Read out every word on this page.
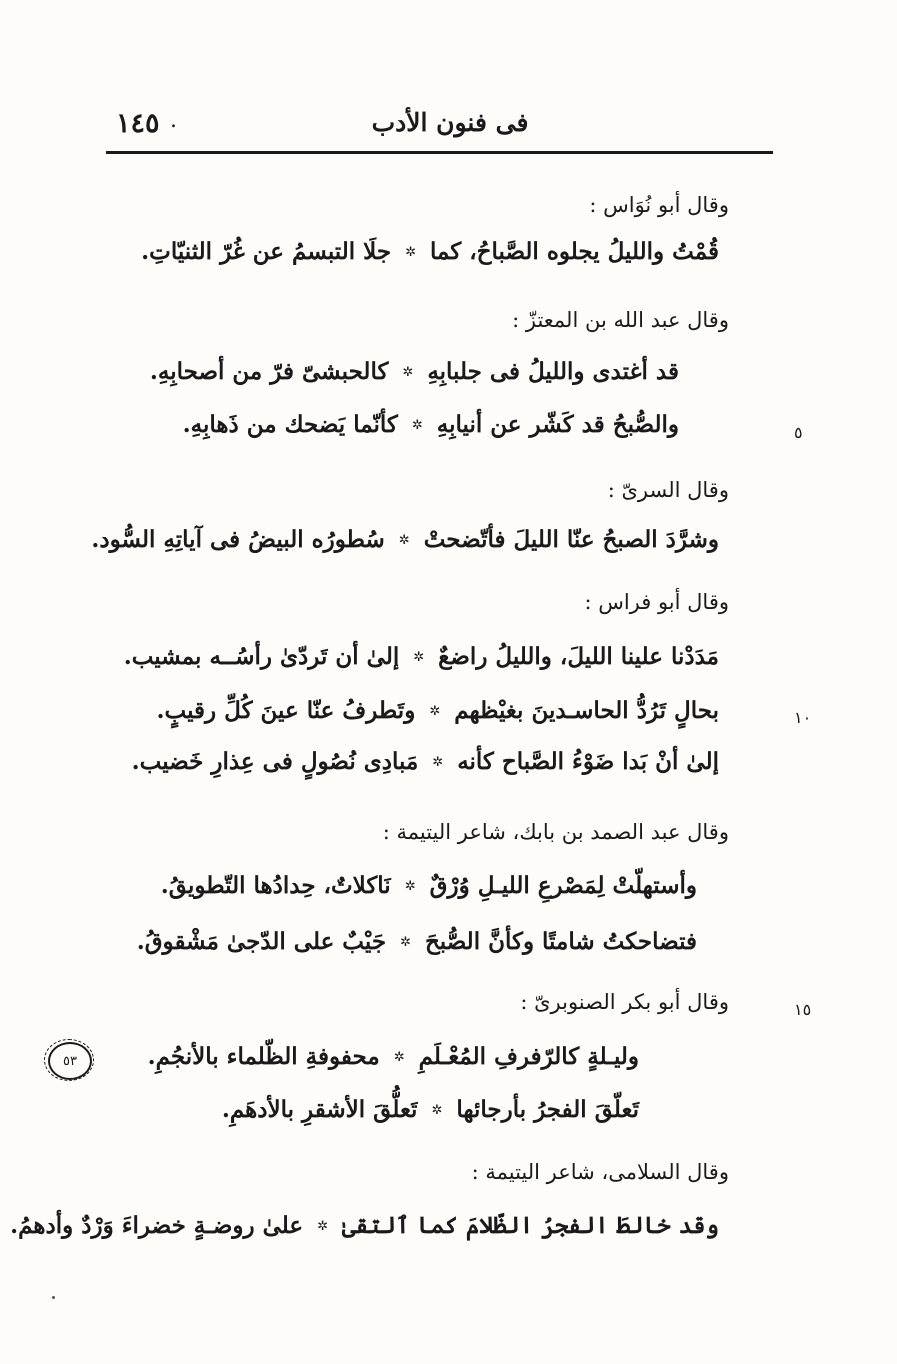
فى فنون الأدب
.
١٤٥
وقال أبو نُوَاس :
قُمْتُ والليلُ يجلوه الصَّباحُ، كما
✲
جلَا التبسمُ عن غُرّ الثنيّاتِ.
وقال عبد الله بن المعتزّ :
قد أغتدى والليلُ فى جلبابِهِ
✲
كالحبشىّ فرّ من أصحابِهِ.
والصُّبحُ قد كَشّر عن أنيابِهِ
✲
كأنّما يَضحك من ذَهابِهِ.	٥
وقال السرىّ :
وشرَّدَ الصبحُ عنّا الليلَ فأتّضحتْ
✲
سُطورُه البيضُ فى آياتِهِ السُّود.
وقال أبو فراس :
مَدَدْنا علينا الليلَ، والليلُ راضعٌ
✲
إلىٰ أن تَردّىٰ رأسُــه بمشيب.
بحالٍ تَرُدُّ الحاسـدينَ بغيْظهم
✲
وتَطرفُ عنّا عينَ كُلِّ رقيبٍ.	١٠
إلىٰ أنْ بَدا ضَوْءُ الصَّباح كأنه
✲
مَبادِى نُصُولٍ فى عِذارِ خَضيب.
وقال عبد الصمد بن بابك، شاعر اليتيمة :
وأستهلّتْ لِمَصْرعِ الليـلِ وُرْقٌ
✲
نَاكلاتٌ، حِدادُها التّطويقُ.
فتضاحكتُ شامتًا وكأنَّ الصُّبحَ
✲
جَيْبٌ على الدّجىٰ مَشْقوقُ.
وقال أبو بكر الصنوبرىّ :	١٥
وليـلةٍ كالرّفرفِ المُعْـلَمِ
✲
محفوفةِ الظّلماء بالأنجُمِ.
تَعلّقَ الفجرُ بأرجائها
✲
تَعلُّقَ الأشقرِ بالأدهَمِ.
٥٣
وقال السلامى، شاعر اليتيمة :
وقد خالطَ الفجرُ الظّلامَ كما ٱلتقىٰ
✲
علىٰ روضـةٍ خضراءَ وَرْدٌ وأدهمُ.
